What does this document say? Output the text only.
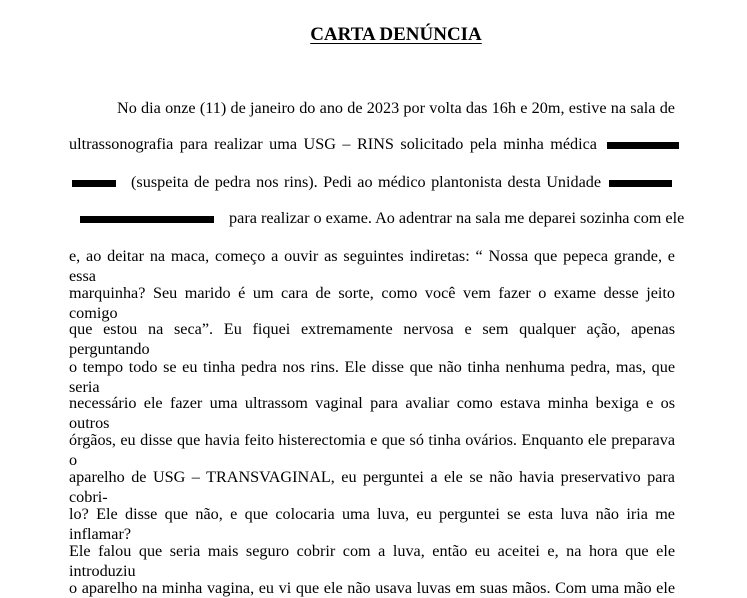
CARTA DENÚNCIA
No dia onze (11) de janeiro do ano de 2023 por volta das 16h e 20m, estive na sala de
ultrassonografia para realizar uma USG – RINS solicitado pela minha médica
(suspeita de pedra nos rins). Pedi ao médico plantonista desta Unidade
para realizar o exame. Ao adentrar na sala me deparei sozinha com ele
e, ao deitar na maca, começo a ouvir as seguintes indiretas: “ Nossa que pepeca grande, e essa
marquinha? Seu marido é um cara de sorte, como você vem fazer o exame desse jeito comigo
que estou na seca”. Eu fiquei extremamente nervosa e sem qualquer ação, apenas perguntando
o tempo todo se eu tinha pedra nos rins. Ele disse que não tinha nenhuma pedra, mas, que seria
necessário ele fazer uma ultrassom vaginal para avaliar como estava minha bexiga e os outros
órgãos, eu disse que havia feito histerectomia e que só tinha ovários. Enquanto ele preparava o
aparelho de USG – TRANSVAGINAL, eu perguntei a ele se não havia preservativo para cobri-
lo? Ele disse que não, e que colocaria uma luva, eu perguntei se esta luva não iria me inflamar?
Ele falou que seria mais seguro cobrir com a luva, então eu aceitei e, na hora que ele introduziu
o aparelho na minha vagina, eu vi que ele não usava luvas em suas mãos. Com uma mão ele
